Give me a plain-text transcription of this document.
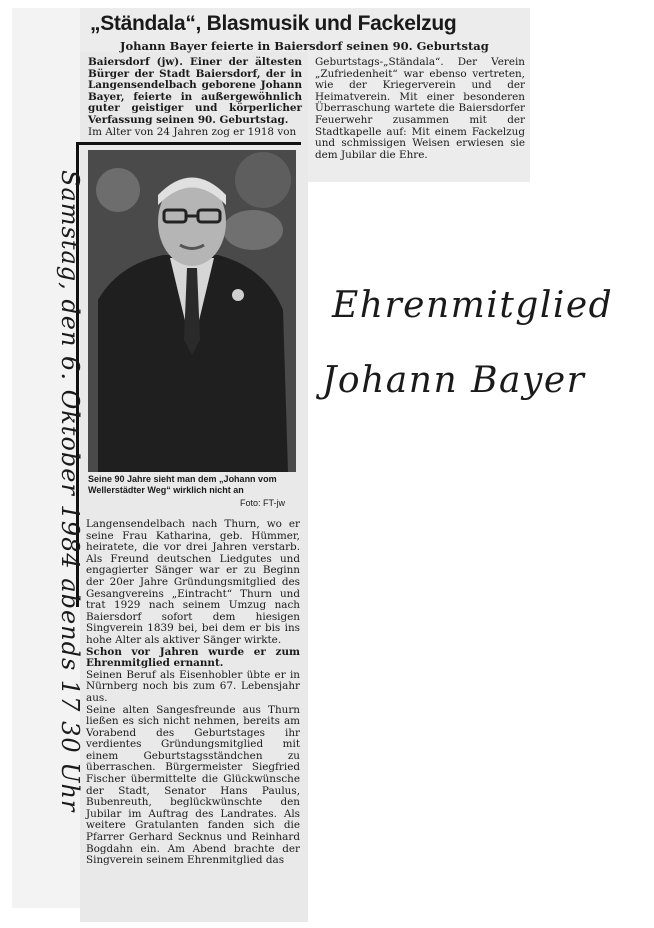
„Ständala“, Blasmusik und Fackelzug

Johann Bayer feierte in Baiersdorf seinen 90. Geburtstag

Baiersdorf (jw). Einer der ältesten Bürger der Stadt Baiersdorf, der in Langensendelbach geborene Johann Bayer, feierte in außergewöhnlich guter geistiger und körperlicher Verfassung seinen 90. Geburtstag.

Im Alter von 24 Jahren zog er 1918 von

Geburtstags-„Ständala“. Der Verein „Zufriedenheit“ war ebenso vertreten, wie der Kriegerverein und der Heimatverein. Mit einer besonderen Überraschung wartete die Baiersdorfer Feuerwehr zusammen mit der Stadtkapelle auf: Mit einem Fackelzug und schmissigen Weisen erwiesen sie dem Jubilar die Ehre.

Seine 90 Jahre sieht man dem „Johann vom Wellerstädter Weg“ wirklich nicht an

Foto: FT-jw

Langensendelbach nach Thurn, wo er seine Frau Katharina, geb. Hümmer, heiratete, die vor drei Jahren verstarb. Als Freund deutschen Liedgutes und engagierter Sänger war er zu Beginn der 20er Jahre Gründungsmitglied des Gesangvereins „Eintracht“ Thurn und trat 1929 nach seinem Umzug nach Baiersdorf sofort dem hiesigen Singverein 1839 bei, bei dem er bis ins hohe Alter als aktiver Sänger wirkte.

Schon vor Jahren wurde er zum Ehrenmitglied ernannt.

Seinen Beruf als Eisenhobler übte er in Nürnberg noch bis zum 67. Lebensjahr aus.

Seine alten Sangesfreunde aus Thurn ließen es sich nicht nehmen, bereits am Vorabend des Geburtstages ihr verdientes Gründungsmitglied mit einem Geburtstagsständchen zu überraschen. Bürgermeister Siegfried Fischer übermittelte die Glückwünsche der Stadt, Senator Hans Paulus, Bubenreuth, beglückwünschte den Jubilar im Auftrag des Landrates. Als weitere Gratulanten fanden sich die Pfarrer Gerhard Secknus und Reinhard Bogdahn ein. Am Abend brachte der Singverein seinem Ehrenmitglied das

Samstag, den 6. Oktober 1984 abends 17 30 Uhr	Ehrenmitglied

Johann Bayer
